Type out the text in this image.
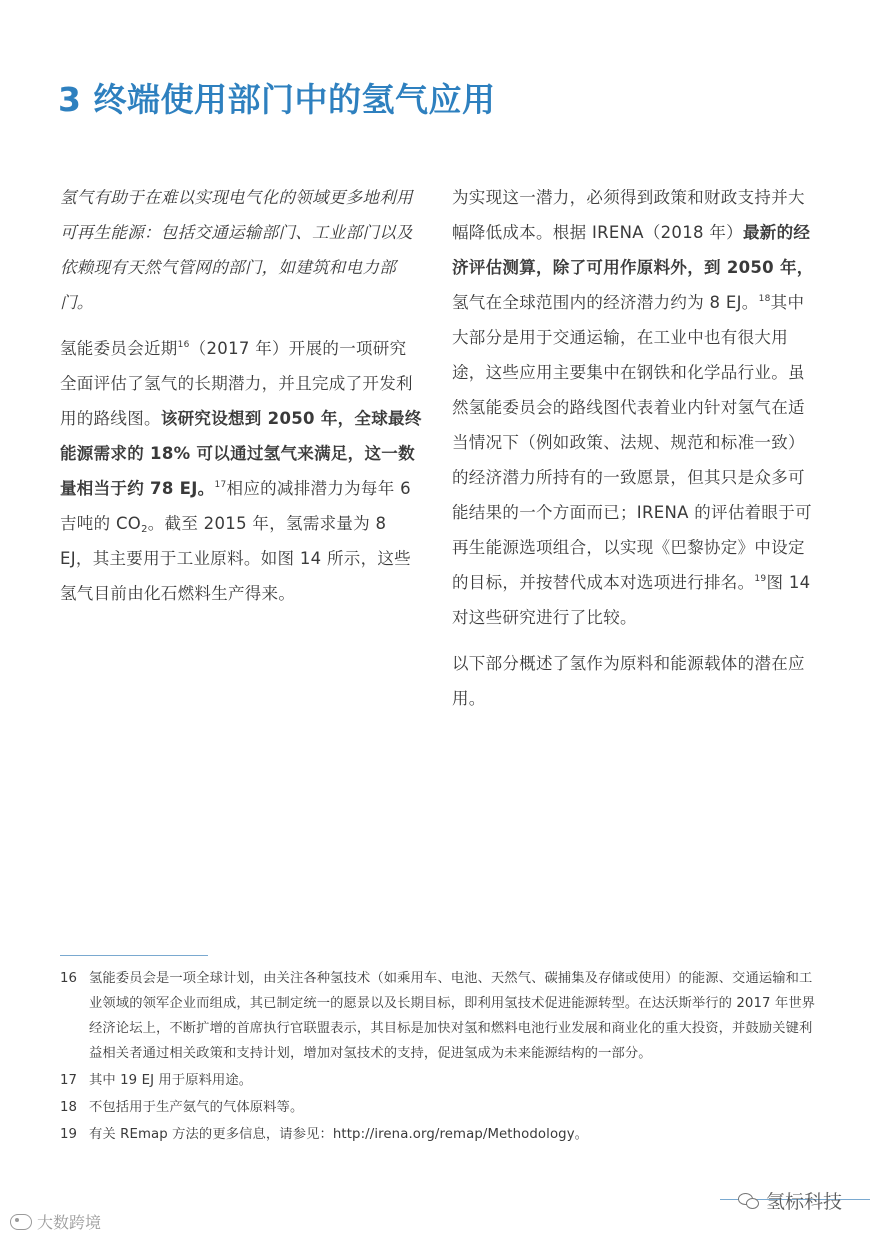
3 终端使用部门中的氢气应用

氢气有助于在难以实现电气化的领域更多地利用可再生能源：包括交通运输部门、工业部门以及依赖现有天然气管网的部门，如建筑和电力部门。

氢能委员会近期$^{16}$（2017 年）开展的一项研究全面评估了氢气的长期潜力，并且完成了开发利用的路线图。该研究设想到 2050 年，全球最终能源需求的 18% 可以通过氢气来满足，这一数量相当于约 78 EJ。$^{17}$相应的减排潜力为每年 6 吉吨的 $CO_2$。截至 2015 年，氢需求量为 8 EJ，其主要用于工业原料。如图 14 所示，这些氢气目前由化石燃料生产得来。

为实现这一潜力，必须得到政策和财政支持并大幅降低成本。根据 IRENA（2018 年）最新的经济评估测算，除了可用作原料外，到 2050 年，氢气在全球范围内的经济潜力约为 8 EJ。$^{18}$其中大部分是用于交通运输，在工业中也有很大用途，这些应用主要集中在钢铁和化学品行业。虽然氢能委员会的路线图代表着业内针对氢气在适当情况下（例如政策、法规、规范和标准一致）的经济潜力所持有的一致愿景，但其只是众多可能结果的一个方面而已；IRENA 的评估着眼于可再生能源选项组合，以实现《巴黎协定》中设定的目标，并按替代成本对选项进行排名。$^{19}$图 14 对这些研究进行了比较。

以下部分概述了氢作为原料和能源载体的潜在应用。

16 氢能委员会是一项全球计划，由关注各种氢技术（如乘用车、电池、天然气、碳捕集及存储或使用）的能源、交通运输和工业领域的领军企业而组成，其已制定统一的愿景以及长期目标，即利用氢技术促进能源转型。在达沃斯举行的 2017 年世界经济论坛上，不断扩增的首席执行官联盟表示，其目标是加快对氢和燃料电池行业发展和商业化的重大投资，并鼓励关键利益相关者通过相关政策和支持计划，增加对氢技术的支持，促进氢成为未来能源结构的一部分。
17 其中 19 EJ 用于原料用途。
18 不包括用于生产氨气的气体原料等。
19 有关 REmap 方法的更多信息，请参见：http://irena.org/remap/Methodology。
氢标科技
大数跨境
